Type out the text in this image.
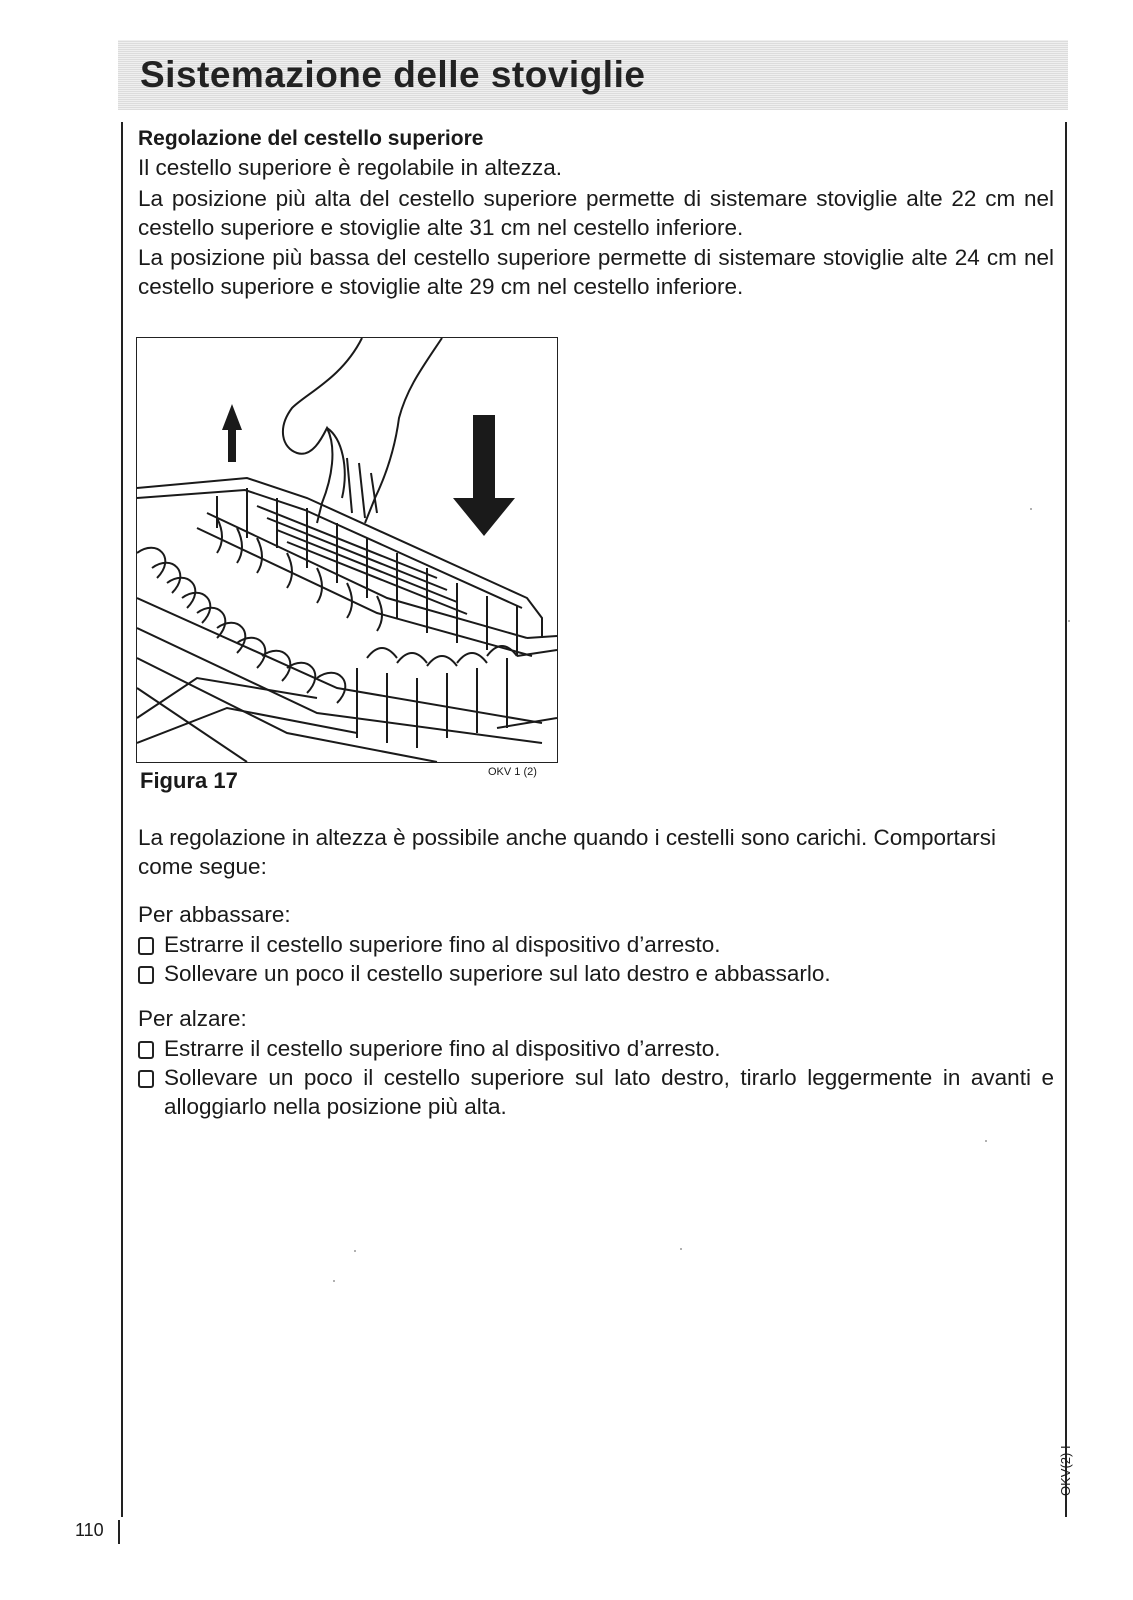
Sistemazione delle stoviglie
Regolazione del cestello superiore
Il cestello superiore è regolabile in altezza.
La posizione più alta del cestello superiore permette di sistemare stoviglie alte 22 cm nel cestello superiore e stoviglie alte 31 cm nel cestello inferiore.
La posizione più bassa del cestello superiore permette di sistemare stoviglie alte 24 cm nel cestello superiore e stoviglie alte 29 cm nel cestello inferiore.
Figura 17	OKV 1 (2)
La regolazione in altezza è possibile anche quando i cestelli sono carichi. Comportarsi come segue:
Per abbassare:
Estrarre il cestello superiore fino al dispositivo d’arresto.
Sollevare un poco il cestello superiore sul lato destro e abbassarlo.
Per alzare:
Estrarre il cestello superiore fino al dispositivo d’arresto.
Sollevare un poco il cestello superiore sul lato destro, tirarlo leggermente in avanti e alloggiarlo nella posizione più alta.
110
OKV(2) I
